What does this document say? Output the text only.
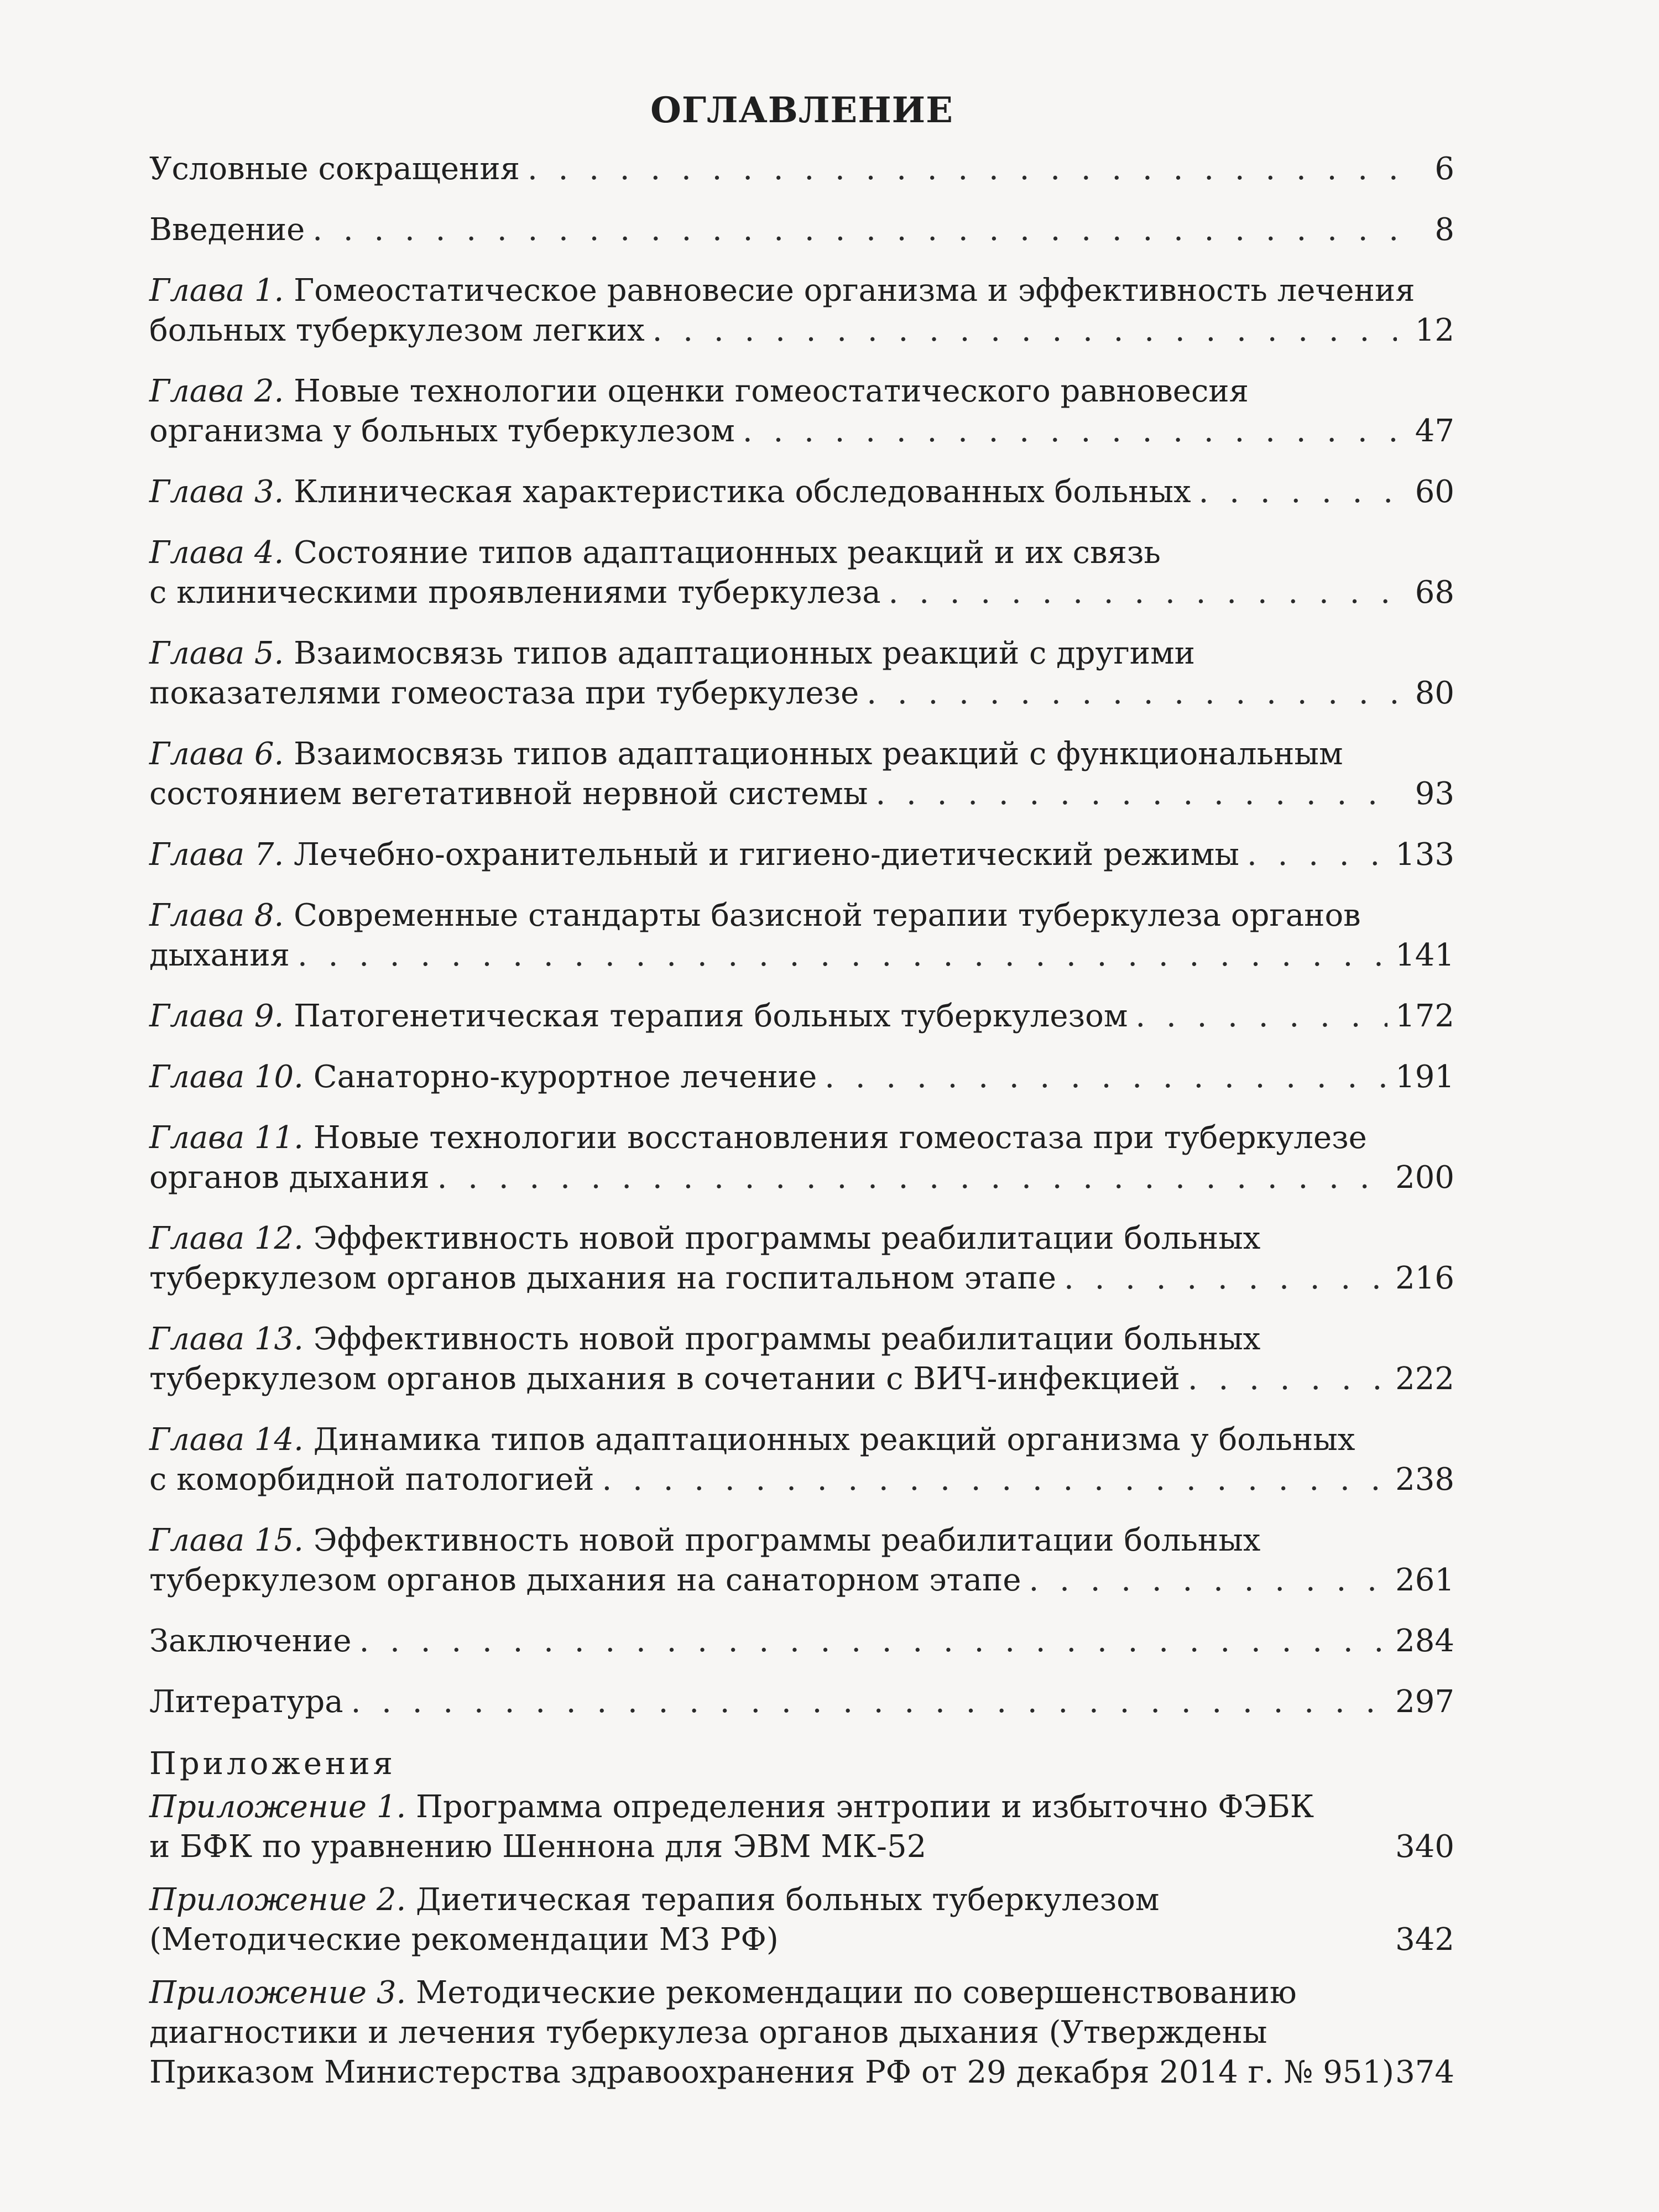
ОГЛАВЛЕНИЕ
Условные сокращения . . .	6
Введение . . .	8
Глава 1. Гомеостатическое равновесие организма и эффективность лечения
больных туберкулезом легких . . .	12
Глава 2. Новые технологии оценки гомеостатического равновесия
организма у больных туберкулезом . . .	47
Глава 3. Клиническая характеристика обследованных больных . . .	60
Глава 4. Состояние типов адаптационных реакций и их связь
с клиническими проявлениями туберкулеза . . .	68
Глава 5. Взаимосвязь типов адаптационных реакций с другими
показателями гомеостаза при туберкулезе . . .	80
Глава 6. Взаимосвязь типов адаптационных реакций с функциональным
состоянием вегетативной нервной системы . . .	93
Глава 7. Лечебно-охранительный и гигиено-диетический режимы . . .	133
Глава 8. Современные стандарты базисной терапии туберкулеза органов
дыхания . . .	141
Глава 9. Патогенетическая терапия больных туберкулезом . . .	172
Глава 10. Санаторно-курортное лечение . . .	191
Глава 11. Новые технологии восстановления гомеостаза при туберкулезе
органов дыхания . . .	200
Глава 12. Эффективность новой программы реабилитации больных
туберкулезом органов дыхания на госпитальном этапе . . .	216
Глава 13. Эффективность новой программы реабилитации больных
туберкулезом органов дыхания в сочетании с ВИЧ-инфекцией . . .	222
Глава 14. Динамика типов адаптационных реакций организма у больных
с коморбидной патологией . . .	238
Глава 15. Эффективность новой программы реабилитации больных
туберкулезом органов дыхания на санаторном этапе . . .	261
Заключение . . .	284
Литература . . .	297
Приложения
Приложение 1. Программа определения энтропии и избыточно ФЭБК
и БФК по уравнению Шеннона для ЭВМ МК-52	340
Приложение 2. Диетическая терапия больных туберкулезом
(Методические рекомендации МЗ РФ)	342
Приложение 3. Методические рекомендации по совершенствованию
диагностики и лечения туберкулеза органов дыхания (Утверждены
Приказом Министерства здравоохранения РФ от 29 декабря 2014 г. № 951) 374
